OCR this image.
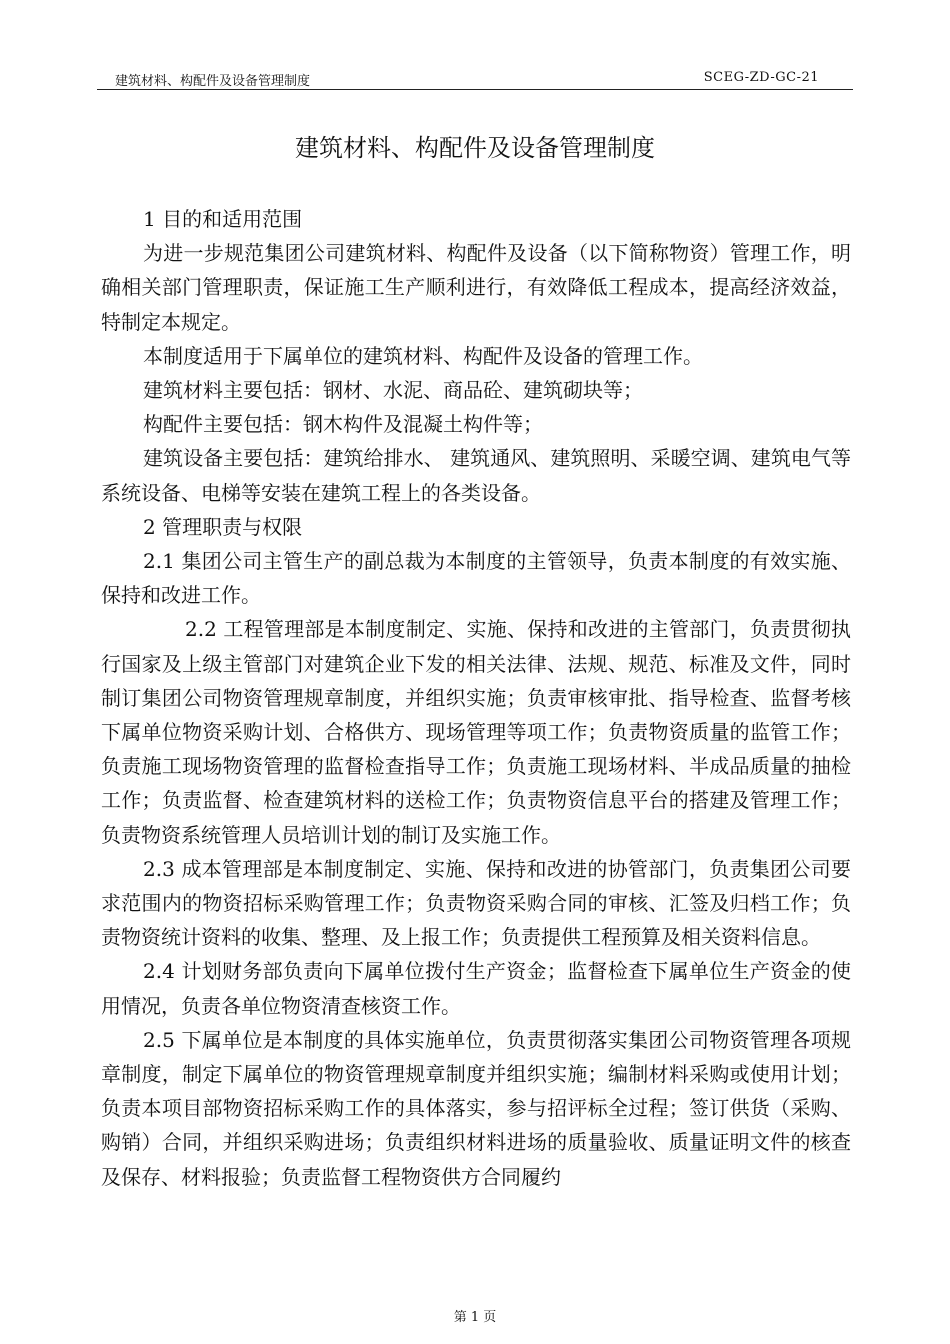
建筑材料、构配件及设备管理制度	SCEG-ZD-GC-21
建筑材料、构配件及设备管理制度

1 目的和适用范围

为进一步规范集团公司建筑材料、构配件及设备（以下简称物资）管理工作，明确相关部门管理职责，保证施工生产顺利进行，有效降低工程成本，提高经济效益，特制定本规定。

本制度适用于下属单位的建筑材料、构配件及设备的管理工作。

建筑材料主要包括：钢材、水泥、商品砼、建筑砌块等；

构配件主要包括：钢木构件及混凝土构件等；

建筑设备主要包括：建筑给排水、 建筑通风、建筑照明、采暖空调、建筑电气等系统设备、电梯等安装在建筑工程上的各类设备。

2 管理职责与权限

2.1 集团公司主管生产的副总裁为本制度的主管领导，负责本制度的有效实施、保持和改进工作。

2.2 工程管理部是本制度制定、实施、保持和改进的主管部门，负责贯彻执行国家及上级主管部门对建筑企业下发的相关法律、法规、规范、标准及文件，同时制订集团公司物资管理规章制度，并组织实施；负责审核审批、指导检查、监督考核下属单位物资采购计划、合格供方、现场管理等项工作；负责物资质量的监管工作；负责施工现场物资管理的监督检查指导工作；负责施工现场材料、半成品质量的抽检工作；负责监督、检查建筑材料的送检工作；负责物资信息平台的搭建及管理工作；负责物资系统管理人员培训计划的制订及实施工作。

2.3 成本管理部是本制度制定、实施、保持和改进的协管部门，负责集团公司要求范围内的物资招标采购管理工作；负责物资采购合同的审核、汇签及归档工作；负责物资统计资料的收集、整理、及上报工作；负责提供工程预算及相关资料信息。

2.4 计划财务部负责向下属单位拨付生产资金；监督检查下属单位生产资金的使用情况，负责各单位物资清查核资工作。

2.5 下属单位是本制度的具体实施单位，负责贯彻落实集团公司物资管理各项规章制度，制定下属单位的物资管理规章制度并组织实施；编制材料采购或使用计划；负责本项目部物资招标采购工作的具体落实，参与招评标全过程；签订供货（采购、购销）合同，并组织采购进场；负责组织材料进场的质量验收、质量证明文件的核查及保存、材料报验；负责监督工程物资供方合同履约

第 1 页
